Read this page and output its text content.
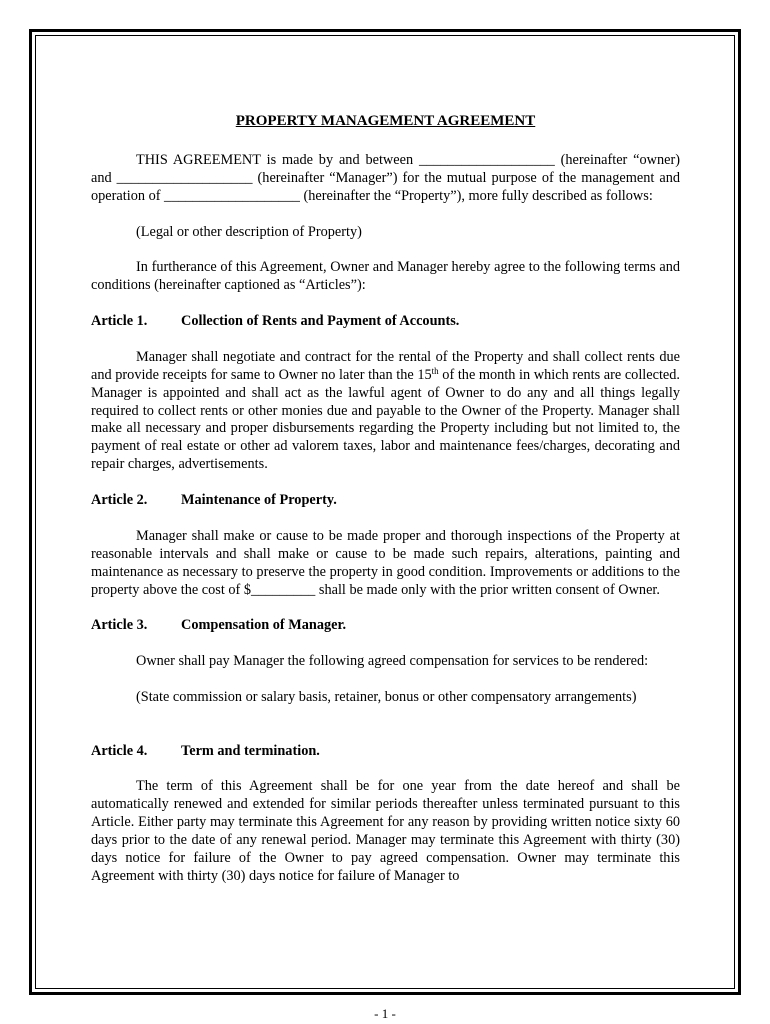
PROPERTY MANAGEMENT AGREEMENT

THIS AGREEMENT is made by and between ___________________ (hereinafter “owner) and ___________________ (hereinafter “Manager”) for the mutual purpose of the management and operation of ___________________ (hereinafter the “Property”), more fully described as follows:

(Legal or other description of Property)

In furtherance of this Agreement, Owner and Manager hereby agree to the following terms and conditions (hereinafter captioned as “Articles”):

Article 1.	Collection of Rents and Payment of Accounts.

Manager shall negotiate and contract for the rental of the Property and shall collect rents due and provide receipts for same to Owner no later than the 15th of the month in which rents are collected. Manager is appointed and shall act as the lawful agent of Owner to do any and all things legally required to collect rents or other monies due and payable to the Owner of the Property. Manager shall make all necessary and proper disbursements regarding the Property including but not limited to, the payment of real estate or other ad valorem taxes, labor and maintenance fees/charges, decorating and repair charges, advertisements.

Article 2.	Maintenance of Property.

Manager shall make or cause to be made proper and thorough inspections of the Property at reasonable intervals and shall make or cause to be made such repairs, alterations, painting and maintenance as necessary to preserve the property in good condition. Improvements or additions to the property above the cost of $_________ shall be made only with the prior written consent of Owner.

Article 3.	Compensation of Manager.

Owner shall pay Manager the following agreed compensation for services to be rendered:

(State commission or salary basis, retainer, bonus or other compensatory arrangements)

Article 4.	Term and termination.

The term of this Agreement shall be for one year from the date hereof and shall be automatically renewed and extended for similar periods thereafter unless terminated pursuant to this Article. Either party may terminate this Agreement for any reason by providing written notice sixty 60 days prior to the date of any renewal period. Manager may terminate this Agreement with thirty (30) days notice for failure of the Owner to pay agreed compensation. Owner may terminate this Agreement with thirty (30) days notice for failure of Manager to

- 1 -
